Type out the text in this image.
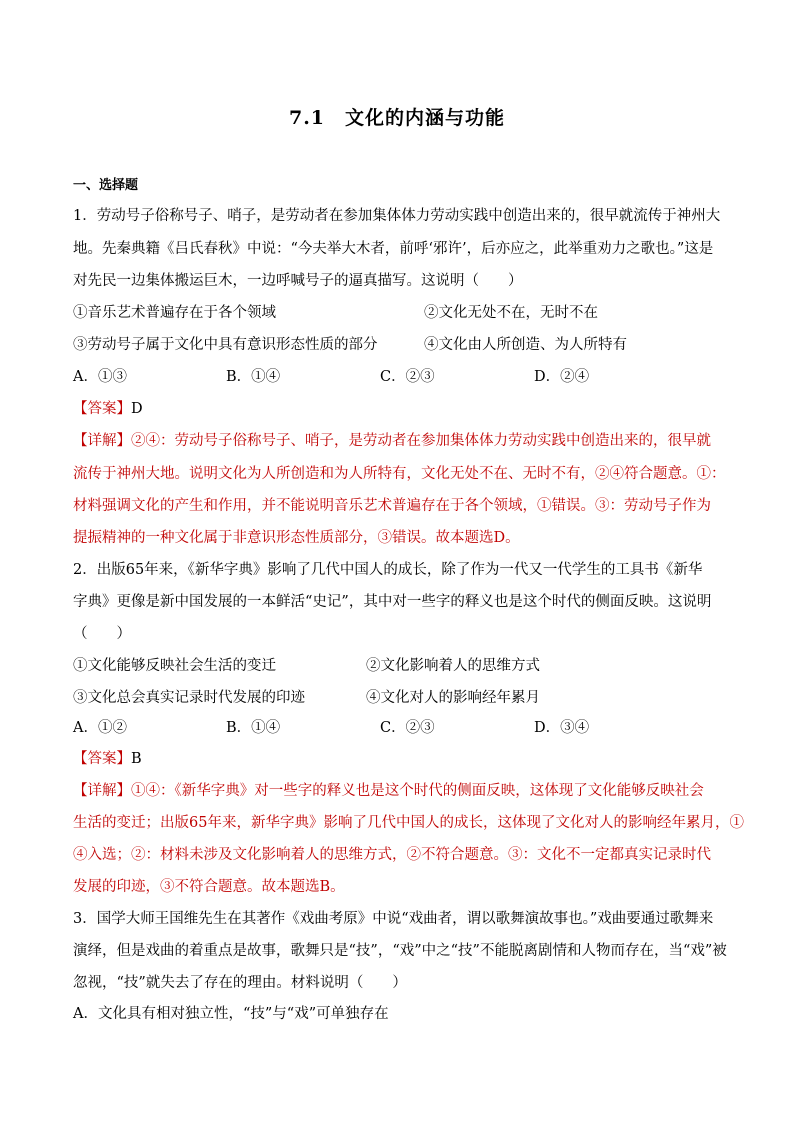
7.1　文化的内涵与功能
一、选择题
1．劳动号子俗称号子、哨子，是劳动者在参加集体体力劳动实践中创造出来的，很早就流传于神州大
地。先秦典籍《吕氏春秋》中说：“今夫举大木者，前呼‘邪许’，后亦应之，此举重劝力之歌也。”这是
对先民一边集体搬运巨木，一边呼喊号子的逼真描写。这说明（　　）
①音乐艺术普遍存在于各个领域	②文化无处不在，无时不在
③劳动号子属于文化中具有意识形态性质的部分	④文化由人所创造、为人所特有
A．①③	B．①④	C．②③	D．②④
【答案】D
【详解】②④：劳动号子俗称号子、哨子，是劳动者在参加集体体力劳动实践中创造出来的，很早就
流传于神州大地。说明文化为人所创造和为人所特有，文化无处不在、无时不有，②④符合题意。①：
材料强调文化的产生和作用，并不能说明音乐艺术普遍存在于各个领域，①错误。③：劳动号子作为
提振精神的一种文化属于非意识形态性质部分，③错误。故本题选D。
2．出版65年来，《新华字典》影响了几代中国人的成长，除了作为一代又一代学生的工具书《新华
字典》更像是新中国发展的一本鲜活“史记”，其中对一些字的释义也是这个时代的侧面反映。这说明
（　　）
①文化能够反映社会生活的变迁	②文化影响着人的思维方式
③文化总会真实记录时代发展的印迹	④文化对人的影响经年累月
A．①②	B．①④	C．②③	D．③④
【答案】B
【详解】①④：《新华字典》对一些字的释义也是这个时代的侧面反映，这体现了文化能够反映社会
生活的变迁；出版65年来，新华字典》影响了几代中国人的成长，这体现了文化对人的影响经年累月，①
④入选；②：材料未涉及文化影响着人的思维方式，②不符合题意。③：文化不一定都真实记录时代
发展的印迹，③不符合题意。故本题选B。
3．国学大师王国维先生在其著作《戏曲考原》中说“戏曲者，谓以歌舞演故事也。”戏曲要通过歌舞来
演绎，但是戏曲的着重点是故事，歌舞只是“技”，“戏”中之“技”不能脱离剧情和人物而存在，当“戏”被
忽视，“技”就失去了存在的理由。材料说明（　　）
A．文化具有相对独立性，“技”与“戏”可单独存在
